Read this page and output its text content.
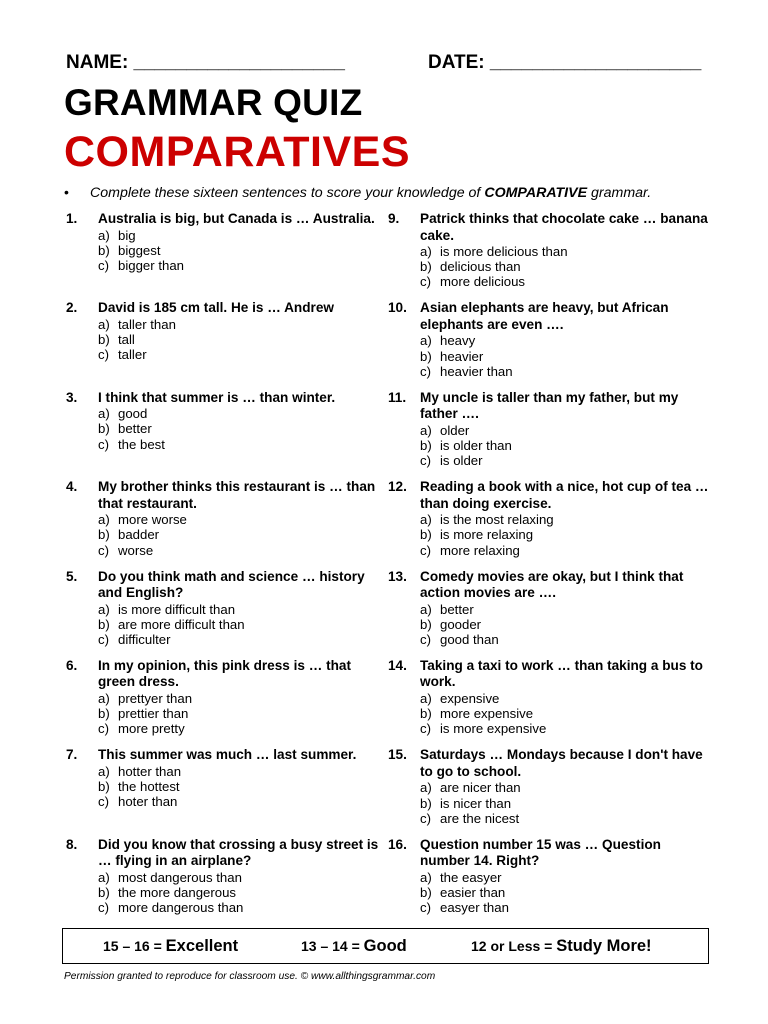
NAME: ____________________	DATE: ____________________
GRAMMAR QUIZ
COMPARATIVES
• Complete these sixteen sentences to score your knowledge of COMPARATIVE grammar.
1.	Australia is big, but Canada is … Australia.
a) big
b) biggest
c) bigger than
2.	David is 185 cm tall. He is … Andrew
a) taller than
b) tall
c) taller
3.	I think that summer is … than winter.
a) good
b) better
c) the best
4.	My brother thinks this restaurant is … than that restaurant.
a) more worse
b) badder
c) worse
5.	Do you think math and science … history and English?
a) is more difficult than
b) are more difficult than
c) difficulter
6.	In my opinion, this pink dress is … that green dress.
a) prettyer than
b) prettier than
c) more pretty
7.	This summer was much … last summer.
a) hotter than
b) the hottest
c) hoter than
8.	Did you know that crossing a busy street is … flying in an airplane?
a) most dangerous than
b) the more dangerous
c) more dangerous than
9.	Patrick thinks that chocolate cake … banana cake.
a) is more delicious than
b) delicious than
c) more delicious
10. Asian elephants are heavy, but African elephants are even ….
a) heavy
b) heavier
c) heavier than
11.	My uncle is taller than my father, but my father ….
a) older
b) is older than
c) is older
12. Reading a book with a nice, hot cup of tea … than doing exercise.
a) is the most relaxing
b) is more relaxing
c) more relaxing
13. Comedy movies are okay, but I think that action movies are ….
a) better
b) gooder
c) good than
14. Taking a taxi to work … than taking a bus to work.
a) expensive
b) more expensive
c) is more expensive
15. Saturdays … Mondays because I don't have to go to school.
a) are nicer than
b) is nicer than
c) are the nicest
16. Question number 15 was … Question number 14. Right?
a) the easyer
b) easier than
c) easyer than
15 – 16 = Excellent	13 – 14 = Good	12 or Less = Study More!
Permission granted to reproduce for classroom use. © www.allthingsgrammar.com
